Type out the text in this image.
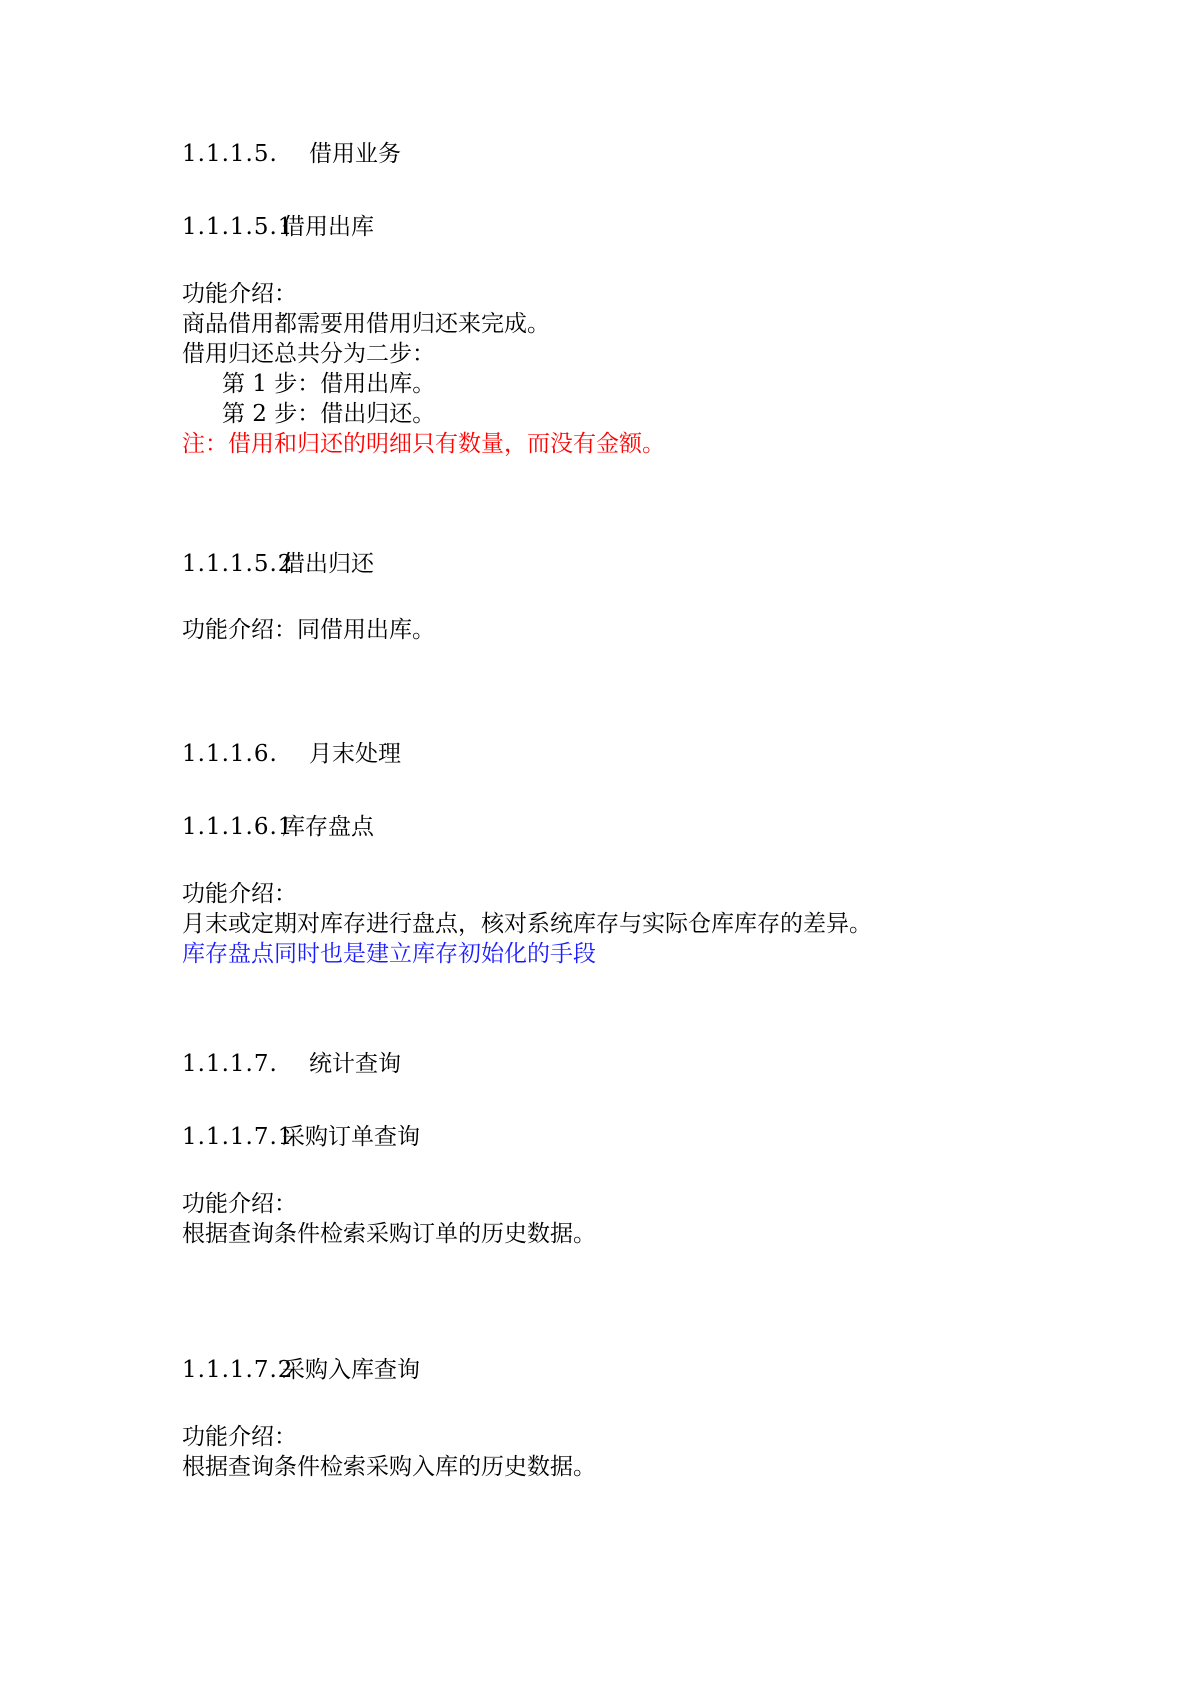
1.1.1.5. 借用业务
1.1.1.5.1借用出库
功能介绍：
商品借用都需要用借用归还来完成。
借用归还总共分为二步：
第 1 步：借用出库。
第 2 步：借出归还。
注：借用和归还的明细只有数量，而没有金额。
1.1.1.5.2借出归还
功能介绍：同借用出库。
1.1.1.6. 月末处理
1.1.1.6.1库存盘点
功能介绍：
月末或定期对库存进行盘点，核对系统库存与实际仓库库存的差异。
库存盘点同时也是建立库存初始化的手段
1.1.1.7. 统计查询
1.1.1.7.1采购订单查询
功能介绍：
根据查询条件检索采购订单的历史数据。
1.1.1.7.2采购入库查询
功能介绍：
根据查询条件检索采购入库的历史数据。
